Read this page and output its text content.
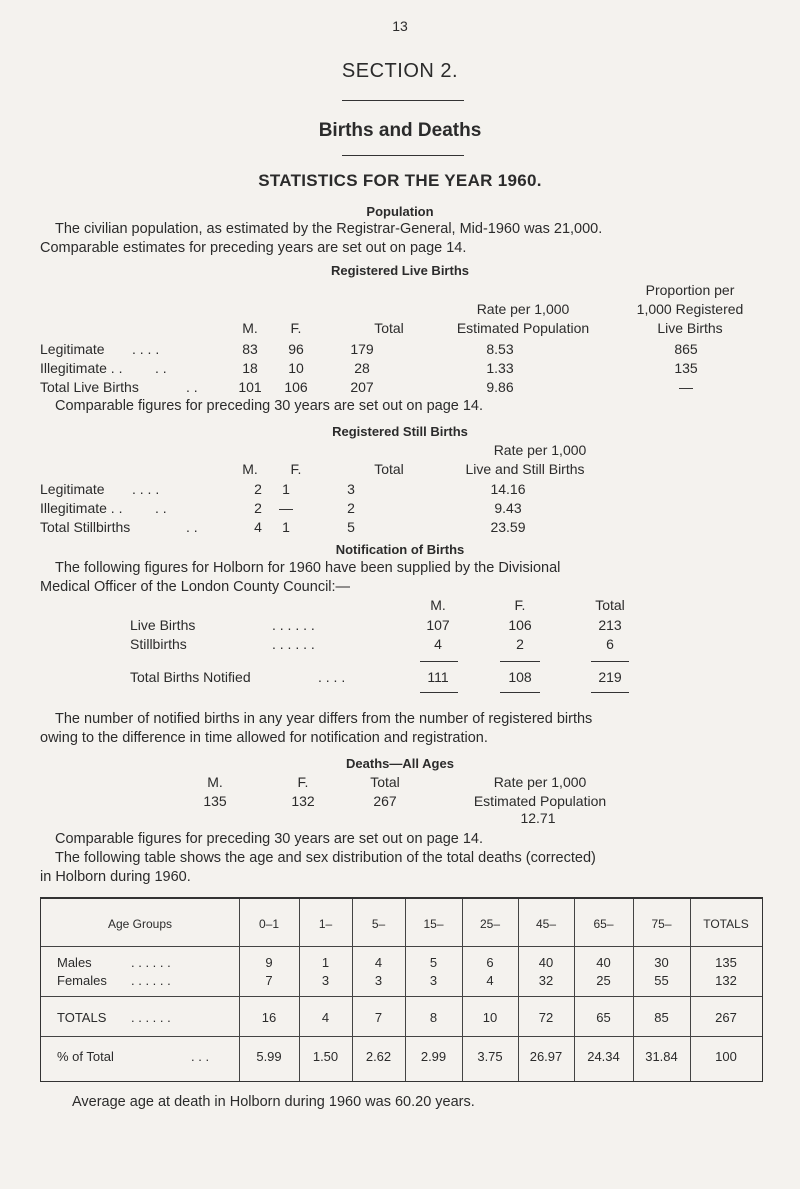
13
SECTION 2.
Births and Deaths
STATISTICS FOR THE YEAR 1960.
Population
The civilian population, as estimated by the Registrar-General, Mid-1960 was 21,000.
Comparable estimates for preceding years are set out on page 14.
Registered Live Births
Proportion per
Rate per 1,000	1,000 Registered
M.	F.	Total	Estimated Population	Live Births
Legitimate . . . .	83	96	179	8.53	865
Illegitimate . . . .	18	10	28	1.33	135
Total Live Births	. .	101	106	207	9.86	—
Comparable figures for preceding 30 years are set out on page 14.
Registered Still Births
Rate per 1,000
M.	F.	Total	Live and Still Births
Legitimate . . . .	2	1	3	14.16
Illegitimate . . . .	2	—	2	9.43
Total Stillbirths	. .	4	1	5	23.59
Notification of Births
The following figures for Holborn for 1960 have been supplied by the Divisional
Medical Officer of the London County Council:—
M.	F.	Total
Live Births	. . . . . .	107	106	213
Stillbirths	. . . . . .	4	2	6
Total Births Notified	. . . .	111	108	219
The number of notified births in any year differs from the number of registered births
owing to the difference in time allowed for notification and registration.
Deaths—All Ages
M.	F.	Total	Rate per 1,000
135	132	267	Estimated Population
12.71
Comparable figures for preceding 30 years are set out on page 14.
The following table shows the age and sex distribution of the total deaths (corrected)
in Holborn during 1960.
Age Groups	0–1	1–	5–	15–	25–	45–	65–	75–	TOTALS
Males	. . . . . .	9	1	4	5	6	40	40	30	135
Females . . . . . .	7	3	3	3	4	32	25	55	132
TOTALS . . . . . .	16	4	7	8	10	72	65	85	267
% of Total	. . .	5.99	1.50	2.62	2.99	3.75	26.97	24.34	31.84	100
Average age at death in Holborn during 1960 was 60.20 years.
